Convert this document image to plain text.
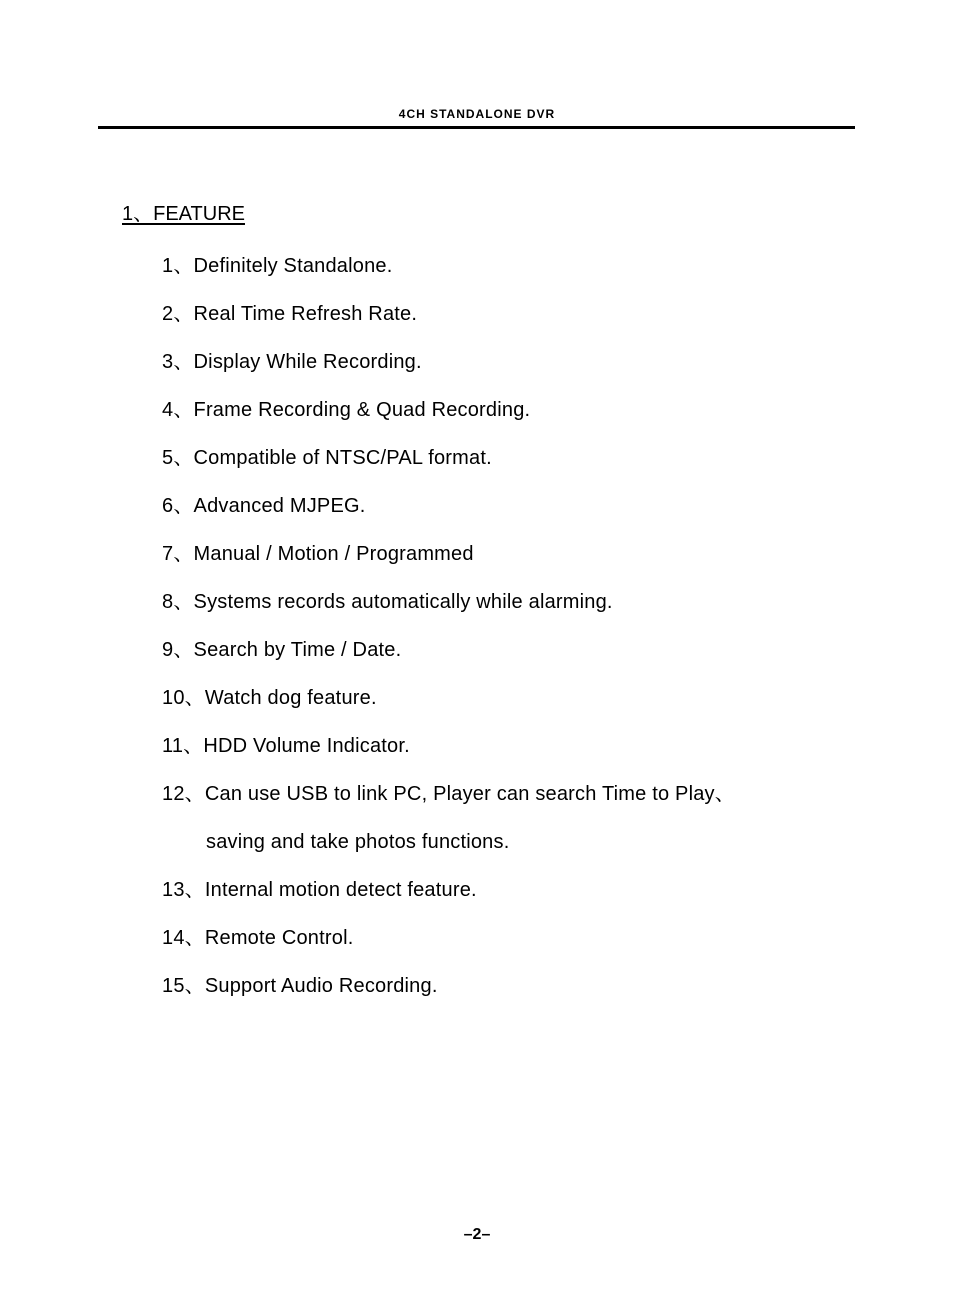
4CH STANDALONE DVR
1、FEATURE
1、Definitely Standalone.
2、Real Time Refresh Rate.
3、Display While Recording.
4、Frame Recording & Quad Recording.
5、Compatible of NTSC/PAL format.
6、Advanced MJPEG.
7、Manual / Motion / Programmed
8、Systems records automatically while alarming.
9、Search by Time / Date.
10、Watch dog feature.
11、HDD Volume Indicator.
12、Can use USB to link PC, Player can search Time to Play、
saving and take photos functions.
13、Internal motion detect feature.
14、Remote Control.
15、Support Audio Recording.
–2–
